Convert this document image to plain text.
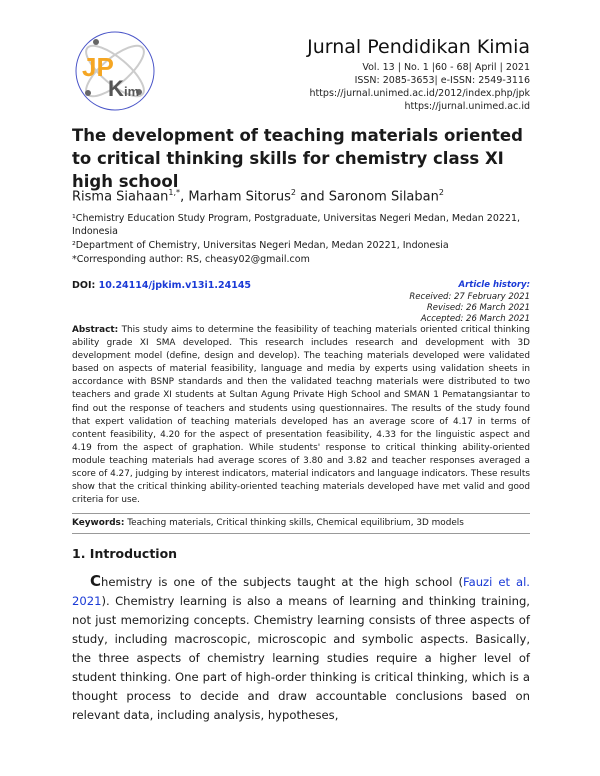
JP
K im
Jurnal Pendidikan Kimia
Vol. 13 | No. 1 |60 - 68| April | 2021
ISSN: 2085-3653| e-ISSN: 2549-3116
https://jurnal.unimed.ac.id/2012/index.php/jpk
https://jurnal.unimed.ac.id
The development of teaching materials oriented to critical thinking skills for chemistry class XI high school
Risma Siahaan$^{1,*}$, Marham Sitorus$^2$ and Saronom Silaban$^2$
¹Chemistry Education Study Program, Postgraduate, Universitas Negeri Medan, Medan 20221, Indonesia
²Department of Chemistry, Universitas Negeri Medan, Medan 20221, Indonesia
*Corresponding author: RS, cheasy02@gmail.com
DOI: 10.24114/jpkim.v13i1.24145	Article history:
Received: 27 February 2021
Revised: 26 March 2021
Accepted: 26 March 2021
Abstract: This study aims to determine the feasibility of teaching materials oriented critical thinking ability grade XI SMA developed. This research includes research and development with 3D development model (define, design and develop). The teaching materials developed were validated based on aspects of material feasibility, language and media by experts using validation sheets in accordance with BSNP standards and then the validated teachng materials were distributed to two teachers and grade XI students at Sultan Agung Private High School and SMAN 1 Pematangsiantar to find out the response of teachers and students using questionnaires. The results of the study found that expert validation of teaching materials developed has an average score of 4.17 in terms of content feasibility, 4.20 for the aspect of presentation feasibility, 4.33 for the linguistic aspect and 4.19 from the aspect of graphation. While students' response to critical thinking ability-oriented module teaching materials had average scores of 3.80 and 3.82 and teacher responses averaged a score of 4.27, judging by interest indicators, material indicators and language indicators. These results show that the critical thinking ability-oriented teaching materials developed have met valid and good criteria for use.
Keywords: Teaching materials, Critical thinking skills, Chemical equilibrium, 3D models
1. Introduction
Chemistry is one of the subjects taught at the high school (Fauzi et al. 2021). Chemistry learning is also a means of learning and thinking training, not just memorizing concepts. Chemistry learning consists of three aspects of study, including macroscopic, microscopic and symbolic aspects. Basically, the three aspects of chemistry learning studies require a higher level of student thinking. One part of high-order thinking is critical thinking, which is a thought process to decide and draw accountable conclusions based on relevant data, including analysis, hypotheses,
